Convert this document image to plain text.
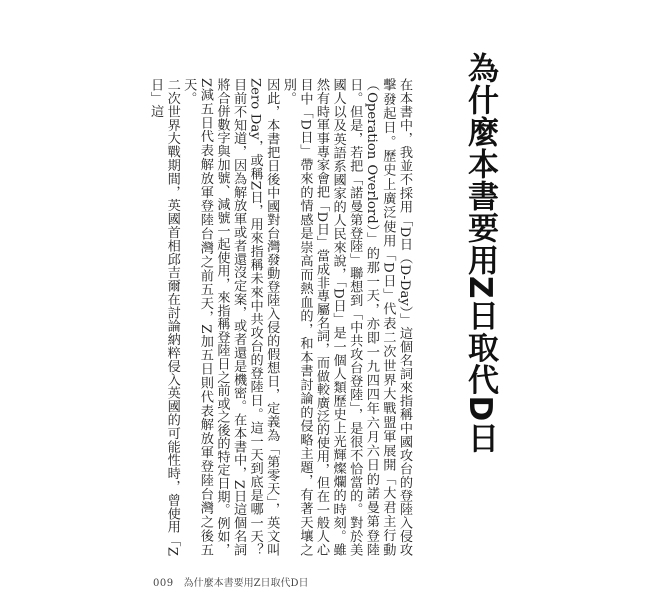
為什麼本書要用Z日取代D日

在本書中，我並不採用「D日（D-Day）」這個名詞來指稱中國攻台的登陸入侵攻擊發起日。歷史上廣泛使用「D日」代表二次世界大戰盟軍展開「大君主行動（Operation Overlord）」的那一天，亦即一九四四年六月六日的諾曼第登陸日。但是，若把「諾曼第登陸」聯想到「中共攻台登陸」，是很不恰當的。對於美國人以及英語系國家的人民來說，「D日」是一個人類歷史上光輝燦爛的時刻。雖然有時軍事專家會把「D日」當成非專屬名詞，而做較廣泛的使用，但在一般人心目中「D日」帶來的情感是崇高而熱血的，和本書討論的侵略主題，有著天壤之別。

因此，本書把日後中國對台灣發動登陸入侵的假想日，定義為「第零天」，英文叫Zero Day，或稱Z日，用來指稱未來中共攻台的登陸日。這一天到底是哪一天？目前不知道，因為解放軍或者還沒定案，或者還是機密。在本書中，Z日這個名詞將合併數字與加號、減號一起使用，來指稱登陸日之前或之後的特定日期。例如，Z減五日代表解放軍登陸台灣之前五天，Z加五日則代表解放軍登陸台灣之後五天。

二次世界大戰期間，英國首相邱吉爾在討論納粹侵入英國的可能性時，曾使用「Z日」這

009 為什麼本書要用Z日取代D日
